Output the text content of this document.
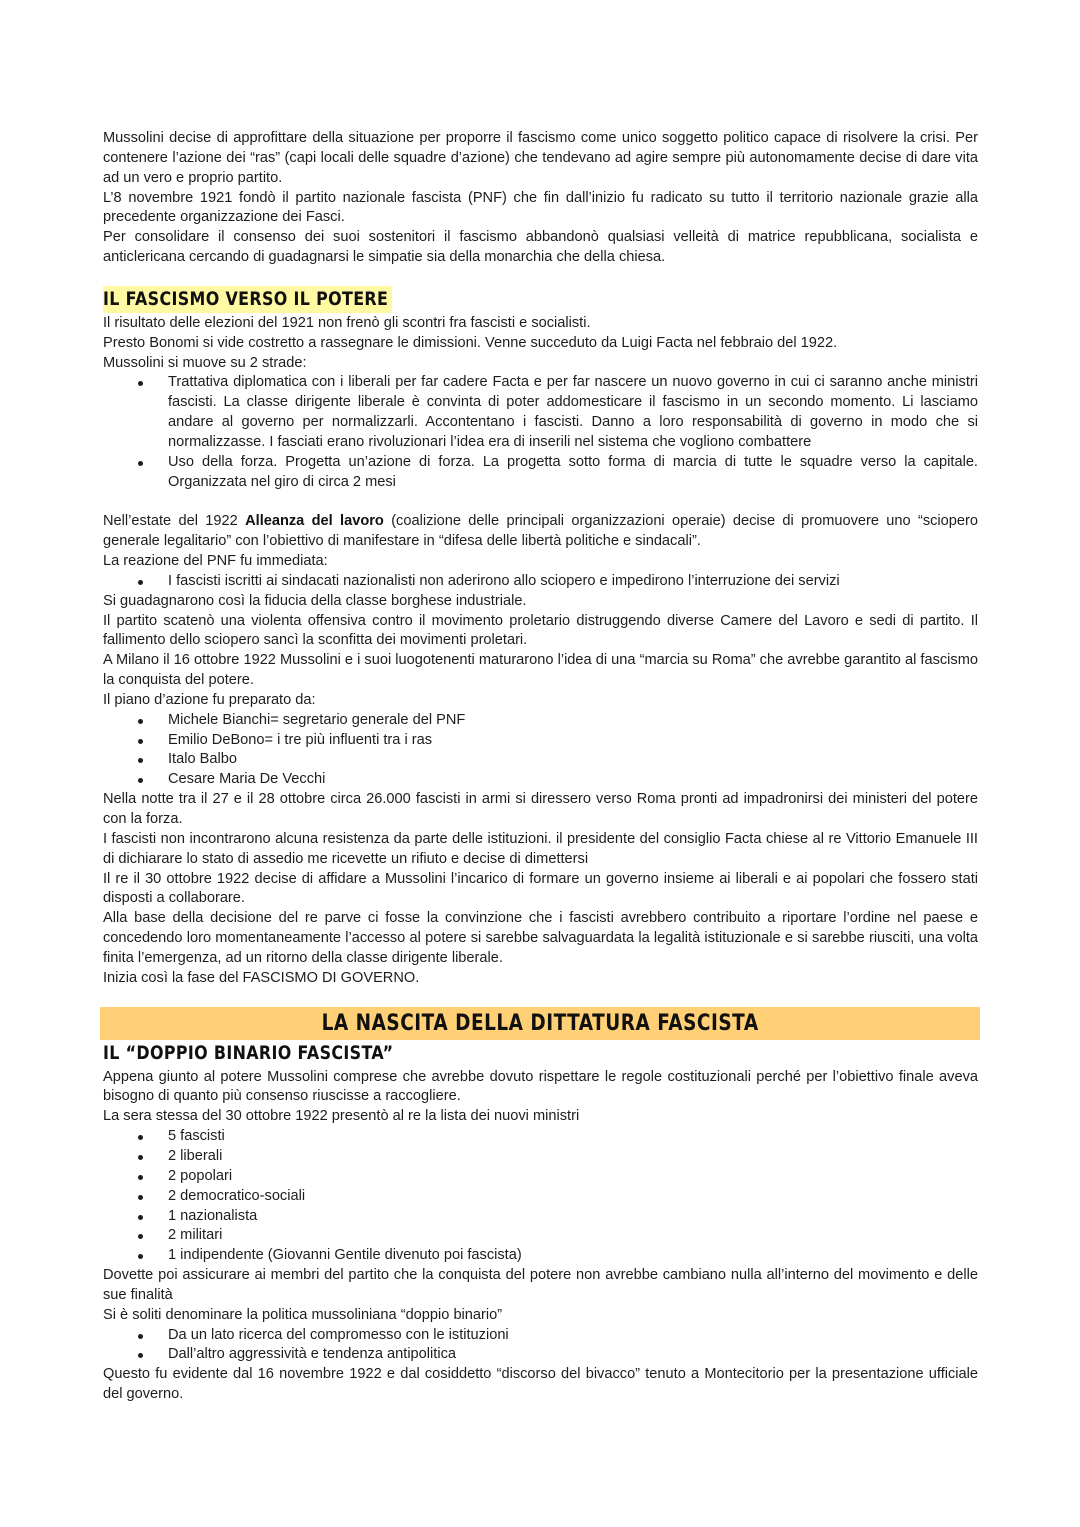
Mussolini decise di approfittare della situazione per proporre il fascismo come unico soggetto politico capace di risolvere la crisi. Per contenere l’azione dei “ras” (capi locali delle squadre d’azione) che tendevano ad agire sempre più autonomamente decise di dare vita ad un vero e proprio partito.

L’8 novembre 1921 fondò il partito nazionale fascista (PNF) che fin dall’inizio fu radicato su tutto il territorio nazionale grazie alla precedente organizzazione dei Fasci.

Per consolidare il consenso dei suoi sostenitori il fascismo abbandonò qualsiasi velleità di matrice repubblicana, socialista e anticlericana cercando di guadagnarsi le simpatie sia della monarchia che della chiesa.

IL FASCISMO VERSO IL POTERE

Il risultato delle elezioni del 1921 non frenò gli scontri fra fascisti e socialisti.

Presto Bonomi si vide costretto a rassegnare le dimissioni. Venne succeduto da Luigi Facta nel febbraio del 1922.

Mussolini si muove su 2 strade:

Trattativa diplomatica con i liberali per far cadere Facta e per far nascere un nuovo governo in cui ci saranno anche ministri fascisti. La classe dirigente liberale è convinta di poter addomesticare il fascismo in un secondo momento. Li lasciamo andare al governo per normalizzarli. Accontentano i fascisti. Danno a loro responsabilità di governo in modo che si normalizzasse. I fasciati erano rivoluzionari l’idea era di inserili nel sistema che vogliono combattere
Uso della forza. Progetta un’azione di forza. La progetta sotto forma di marcia di tutte le squadre verso la capitale. Organizzata nel giro di circa 2 mesi

Nell’estate del 1922 Alleanza del lavoro (coalizione delle principali organizzazioni operaie) decise di promuovere uno “sciopero generale legalitario” con l’obiettivo di manifestare in “difesa delle libertà politiche e sindacali”.

La reazione del PNF fu immediata:

I fascisti iscritti ai sindacati nazionalisti non aderirono allo sciopero e impedirono l’interruzione dei servizi

Si guadagnarono così la fiducia della classe borghese industriale.

Il partito scatenò una violenta offensiva contro il movimento proletario distruggendo diverse Camere del Lavoro e sedi di partito. Il fallimento dello sciopero sancì la sconfitta dei movimenti proletari.

A Milano il 16 ottobre 1922 Mussolini e i suoi luogotenenti maturarono l’idea di una “marcia su Roma” che avrebbe garantito al fascismo la conquista del potere.

Il piano d’azione fu preparato da:

Michele Bianchi= segretario generale del PNF
Emilio DeBono= i tre più influenti tra i ras
Italo Balbo
Cesare Maria De Vecchi

Nella notte tra il 27 e il 28 ottobre circa 26.000 fascisti in armi si diressero verso Roma pronti ad impadronirsi dei ministeri del potere con la forza.

I fascisti non incontrarono alcuna resistenza da parte delle istituzioni. il presidente del consiglio Facta chiese al re Vittorio Emanuele III di dichiarare lo stato di assedio me ricevette un rifiuto e decise di dimettersi

Il re il 30 ottobre 1922 decise di affidare a Mussolini l’incarico di formare un governo insieme ai liberali e ai popolari che fossero stati disposti a collaborare.

Alla base della decisione del re parve ci fosse la convinzione che i fascisti avrebbero contribuito a riportare l’ordine nel paese e concedendo loro momentaneamente l’accesso al potere si sarebbe salvaguardata la legalità istituzionale e si sarebbe riusciti, una volta finita l’emergenza, ad un ritorno della classe dirigente liberale.

Inizia così la fase del FASCISMO DI GOVERNO.

LA NASCITA DELLA DITTATURA FASCISTA
IL “DOPPIO BINARIO FASCISTA”

Appena giunto al potere Mussolini comprese che avrebbe dovuto rispettare le regole costituzionali perché per l’obiettivo finale aveva bisogno di quanto più consenso riuscisse a raccogliere.

La sera stessa del 30 ottobre 1922 presentò al re la lista dei nuovi ministri

5 fascisti
2 liberali
2 popolari
2 democratico-sociali
1 nazionalista
2 militari
1 indipendente (Giovanni Gentile divenuto poi fascista)

Dovette poi assicurare ai membri del partito che la conquista del potere non avrebbe cambiano nulla all’interno del movimento e delle sue finalità

Si è soliti denominare la politica mussoliniana “doppio binario”

Da un lato ricerca del compromesso con le istituzioni
Dall’altro aggressività e tendenza antipolitica

Questo fu evidente dal 16 novembre 1922 e dal cosiddetto “discorso del bivacco” tenuto a Montecitorio per la presentazione ufficiale del governo.
